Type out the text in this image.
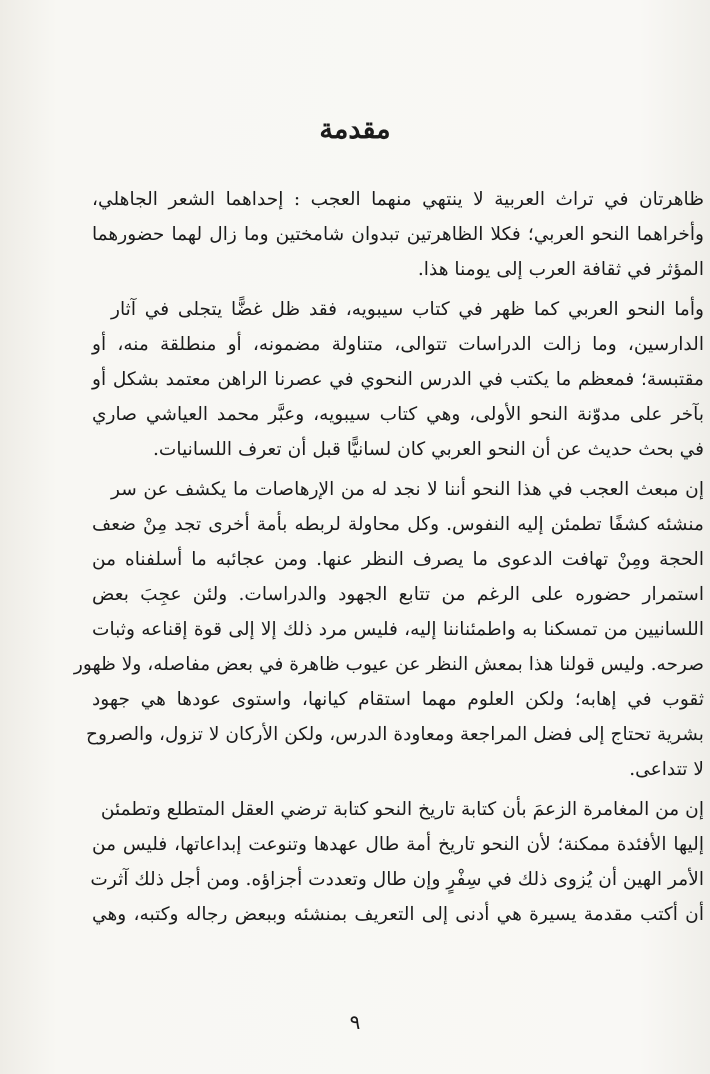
مقدمة
ظاهرتان في تراث العربية لا ينتهي منهما العجب : إحداهما الشعر الجاهلي،
وأخراهما النحو العربي؛ فكلا الظاهرتين تبدوان شامختين وما زال لهما حضورهما
المؤثر في ثقافة العرب إلى يومنا هذا.
وأما النحو العربي كما ظهر في كتاب سيبويه، فقد ظل غضًّا يتجلى في آثار
الدارسين، وما زالت الدراسات تتوالى، متناولة مضمونه، أو منطلقة منه، أو
مقتبسة؛ فمعظم ما يكتب في الدرس النحوي في عصرنا الراهن معتمد بشكل أو
بآخر على مدوّنة النحو الأولى، وهي كتاب سيبويه، وعبَّر محمد العياشي صاري
في بحث حديث عن أن النحو العربي كان لسانيًّا قبل أن تعرف اللسانيات.
إن مبعث العجب في هذا النحو أننا لا نجد له من الإرهاصات ما يكشف عن سر
منشئه كشفًا تطمئن إليه النفوس. وكل محاولة لربطه بأمة أخرى تجد مِنْ ضعف
الحجة ومِنْ تهافت الدعوى ما يصرف النظر عنها. ومن عجائبه ما أسلفناه من
استمرار حضوره على الرغم من تتابع الجهود والدراسات. ولئن عجِبَ بعض
اللسانيين من تمسكنا به واطمئناننا إليه، فليس مرد ذلك إلا إلى قوة إقناعه وثبات
صرحه. وليس قولنا هذا بمعش النظر عن عيوب ظاهرة في بعض مفاصله، ولا ظهور
ثقوب في إهابه؛ ولكن العلوم مهما استقام كيانها، واستوى عودها هي جهود
بشرية تحتاج إلى فضل المراجعة ومعاودة الدرس، ولكن الأركان لا تزول، والصروح
لا تتداعى.
إن من المغامرة الزعمَ بأن كتابة تاريخ النحو كتابة ترضي العقل المتطلع وتطمئن
إليها الأفئدة ممكنة؛ لأن النحو تاريخ أمة طال عهدها وتنوعت إبداعاتها، فليس من
الأمر الهين أن يُزوى ذلك في سِفْرٍ وإن طال وتعددت أجزاؤه. ومن أجل ذلك آثرت
أن أكتب مقدمة يسيرة هي أدنى إلى التعريف بمنشئه وببعض رجاله وكتبه، وهي
٩
